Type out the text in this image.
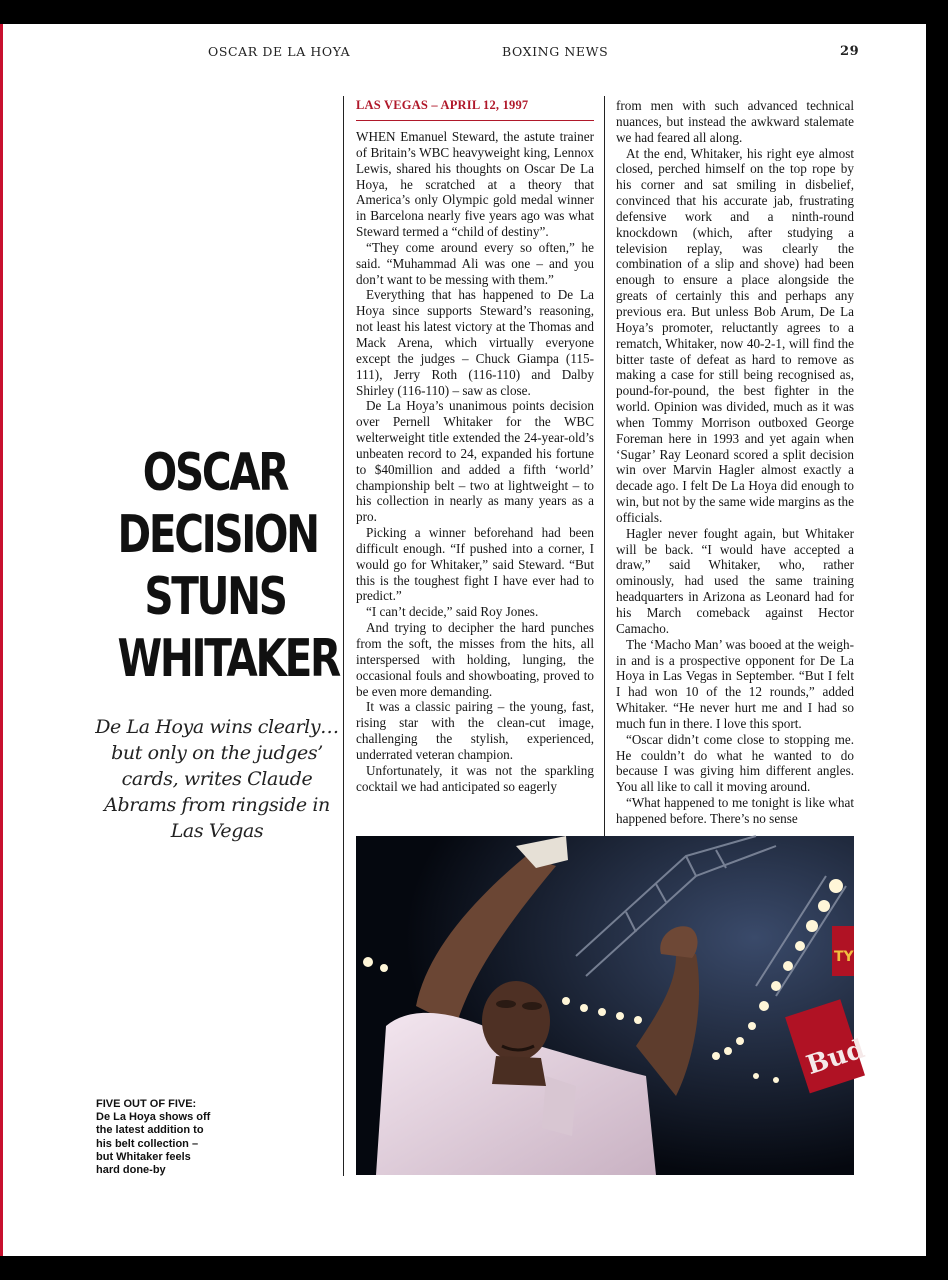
OSCAR DE LA HOYA	BOXING NEWS	29
OSCAR
DECISION
STUNS
WHITAKER
De La Hoya wins clearly… but only on the judges’ cards, writes Claude Abrams from ringside in Las Vegas
LAS VEGAS – APRIL 12, 1997

WHEN Emanuel Steward, the astute trainer of Britain’s WBC heavyweight king, Lennox Lewis, shared his thoughts on Oscar De La Hoya, he scratched at a theory that America’s only Olympic gold medal winner in Barcelona nearly five years ago was what Steward termed a “child of destiny”.

“They come around every so often,” he said. “Muhammad Ali was one – and you don’t want to be messing with them.”

Everything that has happened to De La Hoya since supports Steward’s reasoning, not least his latest victory at the Thomas and Mack Arena, which virtually everyone except the judges – Chuck Giampa (115-111), Jerry Roth (116-110) and Dalby Shirley (116-110) – saw as close.

De La Hoya’s unanimous points decision over Pernell Whitaker for the WBC welterweight title extended the 24-year-old’s unbeaten record to 24, expanded his fortune to $40million and added a fifth ‘world’ championship belt – two at lightweight – to his collection in nearly as many years as a pro.

Picking a winner beforehand had been difficult enough. “If pushed into a corner, I would go for Whitaker,” said Steward. “But this is the toughest fight I have ever had to predict.”

“I can’t decide,” said Roy Jones.

And trying to decipher the hard punches from the soft, the misses from the hits, all interspersed with holding, lunging, the occasional fouls and showboating, proved to be even more demanding.

It was a classic pairing – the young, fast, rising star with the clean-cut image, challenging the stylish, experienced, underrated veteran champion.

Unfortunately, it was not the sparkling cocktail we had anticipated so eagerly

from men with such advanced technical nuances, but instead the awkward stalemate we had feared all along.

At the end, Whitaker, his right eye almost closed, perched himself on the top rope by his corner and sat smiling in disbelief, convinced that his accurate jab, frustrating defensive work and a ninth-round knockdown (which, after studying a television replay, was clearly the combination of a slip and shove) had been enough to ensure a place alongside the greats of certainly this and perhaps any previous era. But unless Bob Arum, De La Hoya’s promoter, reluctantly agrees to a rematch, Whitaker, now 40-2-1, will find the bitter taste of defeat as hard to remove as making a case for still being recognised as, pound-for-pound, the best fighter in the world. Opinion was divided, much as it was when Tommy Morrison outboxed George Foreman here in 1993 and yet again when ‘Sugar’ Ray Leonard scored a split decision win over Marvin Hagler almost exactly a decade ago. I felt De La Hoya did enough to win, but not by the same wide margins as the officials.

Hagler never fought again, but Whitaker will be back. “I would have accepted a draw,” said Whitaker, who, rather ominously, had used the same training headquarters in Arizona as Leonard had for his March comeback against Hector Camacho.

The ‘Macho Man’ was booed at the weigh-in and is a prospective opponent for De La Hoya in Las Vegas in September. “But I felt I had won 10 of the 12 rounds,” added Whitaker. “He never hurt me and I had so much fun in there. I love this sport.

“Oscar didn’t come close to stopping me. He couldn’t do what he wanted to do because I was giving him different angles. You all like to call it moving around.

“What happened to me tonight is like what happened before. There’s no sense

Bud
TY
FIVE OUT OF FIVE:
De La Hoya shows off the latest addition to his belt collection – but Whitaker feels hard done-by
